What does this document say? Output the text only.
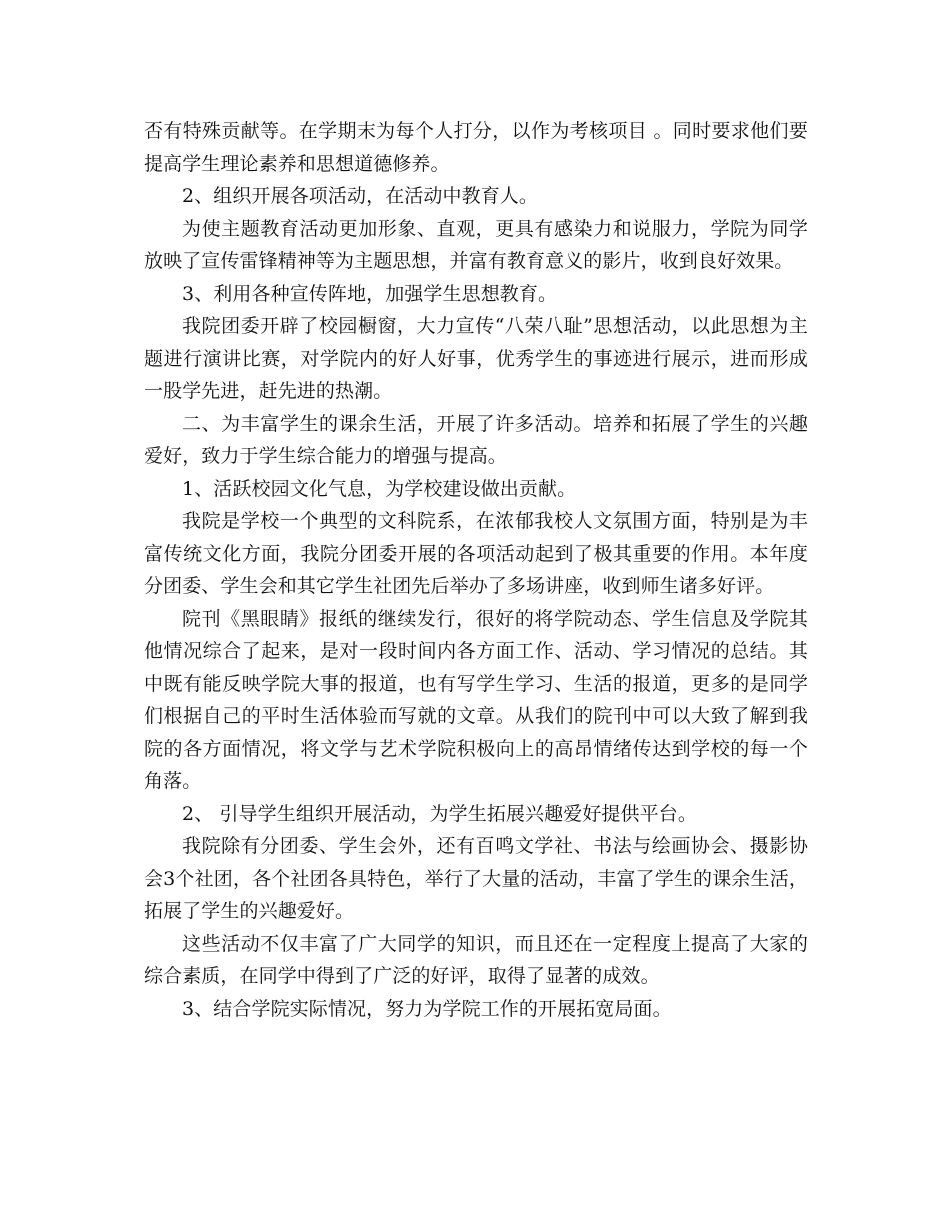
否有特殊贡献等。在学期末为每个人打分，以作为考核项目 。同时要求他们要提高学生理论素养和思想道德修养。

2、组织开展各项活动，在活动中教育人。

为使主题教育活动更加形象、直观，更具有感染力和说服力，学院为同学放映了宣传雷锋精神等为主题思想，并富有教育意义的影片，收到良好效果。

3、利用各种宣传阵地，加强学生思想教育。

我院团委开辟了校园橱窗，大力宣传“八荣八耻”思想活动，以此思想为主题进行演讲比赛，对学院内的好人好事，优秀学生的事迹进行展示，进而形成一股学先进，赶先进的热潮。

二、为丰富学生的课余生活，开展了许多活动。培养和拓展了学生的兴趣爱好，致力于学生综合能力的增强与提高。

1、活跃校园文化气息，为学校建设做出贡献。

我院是学校一个典型的文科院系，在浓郁我校人文氛围方面，特别是为丰富传统文化方面，我院分团委开展的各项活动起到了极其重要的作用。本年度分团委、学生会和其它学生社团先后举办了多场讲座，收到师生诸多好评。

院刊《黑眼睛》报纸的继续发行，很好的将学院动态、学生信息及学院其他情况综合了起来，是对一段时间内各方面工作、活动、学习情况的总结。其中既有能反映学院大事的报道，也有写学生学习、生活的报道，更多的是同学们根据自己的平时生活体验而写就的文章。从我们的院刊中可以大致了解到我院的各方面情况，将文学与艺术学院积极向上的高昂情绪传达到学校的每一个角落。

2、 引导学生组织开展活动，为学生拓展兴趣爱好提供平台。

我院除有分团委、学生会外，还有百鸣文学社、书法与绘画协会、摄影协会3个社团，各个社团各具特色，举行了大量的活动，丰富了学生的课余生活，拓展了学生的兴趣爱好。

这些活动不仅丰富了广大同学的知识，而且还在一定程度上提高了大家的综合素质，在同学中得到了广泛的好评，取得了显著的成效。

3、结合学院实际情况，努力为学院工作的开展拓宽局面。
